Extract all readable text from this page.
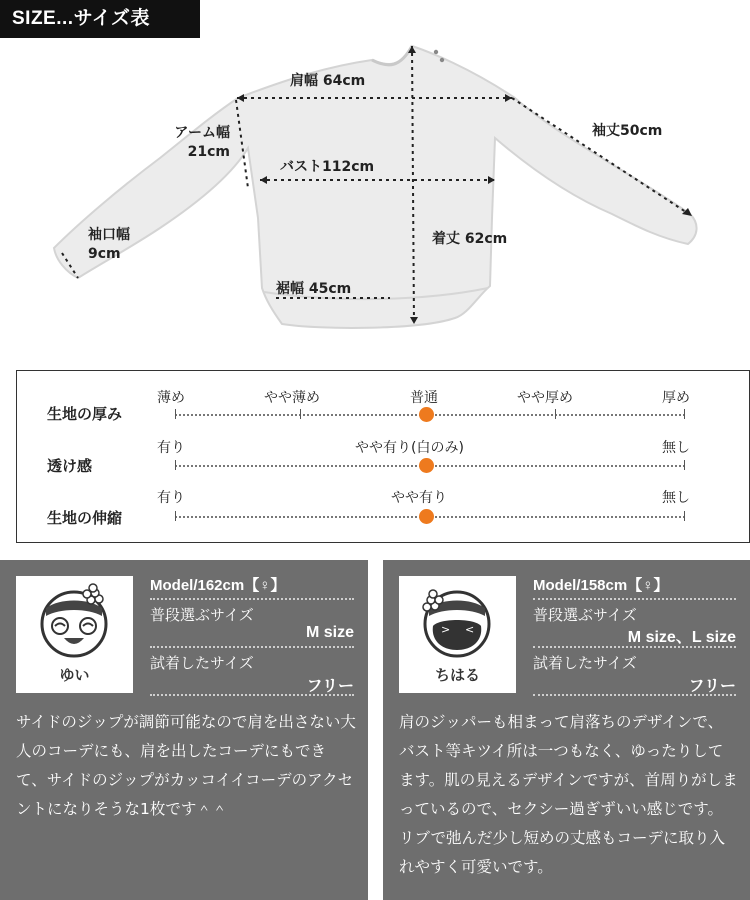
SIZE...サイズ表
肩幅 64cm
アーム幅
21cm
袖丈50cm
バスト112cm
袖口幅
9cm
着丈 62cm
裾幅 45cm
生地の厚み
薄め	やや薄め	普通	やや厚め	厚め
透け感
有り	やや有り(白のみ)	無し
生地の伸縮
有り	やや有り	無し
ゆい
Model/162cm【♀】
普段選ぶサイズ
M size
試着したサイズ
フリー
サイドのジップが調節可能なので肩を出さない大人のコーデにも、肩を出したコーデにもできて、サイドのジップがカッコイイコーデのアクセントになりそうな1枚です＾＾
> <
ちはる
Model/158cm【♀】
普段選ぶサイズ
M size、L size
試着したサイズ
フリー
肩のジッパーも相まって肩落ちのデザインで、バスト等キツイ所は一つもなく、ゆったりしてます。肌の見えるデザインですが、首周りがしまっているので、セクシー過ぎずいい感じです。リブで弛んだ少し短めの丈感もコーデに取り入れやすく可愛いです。
